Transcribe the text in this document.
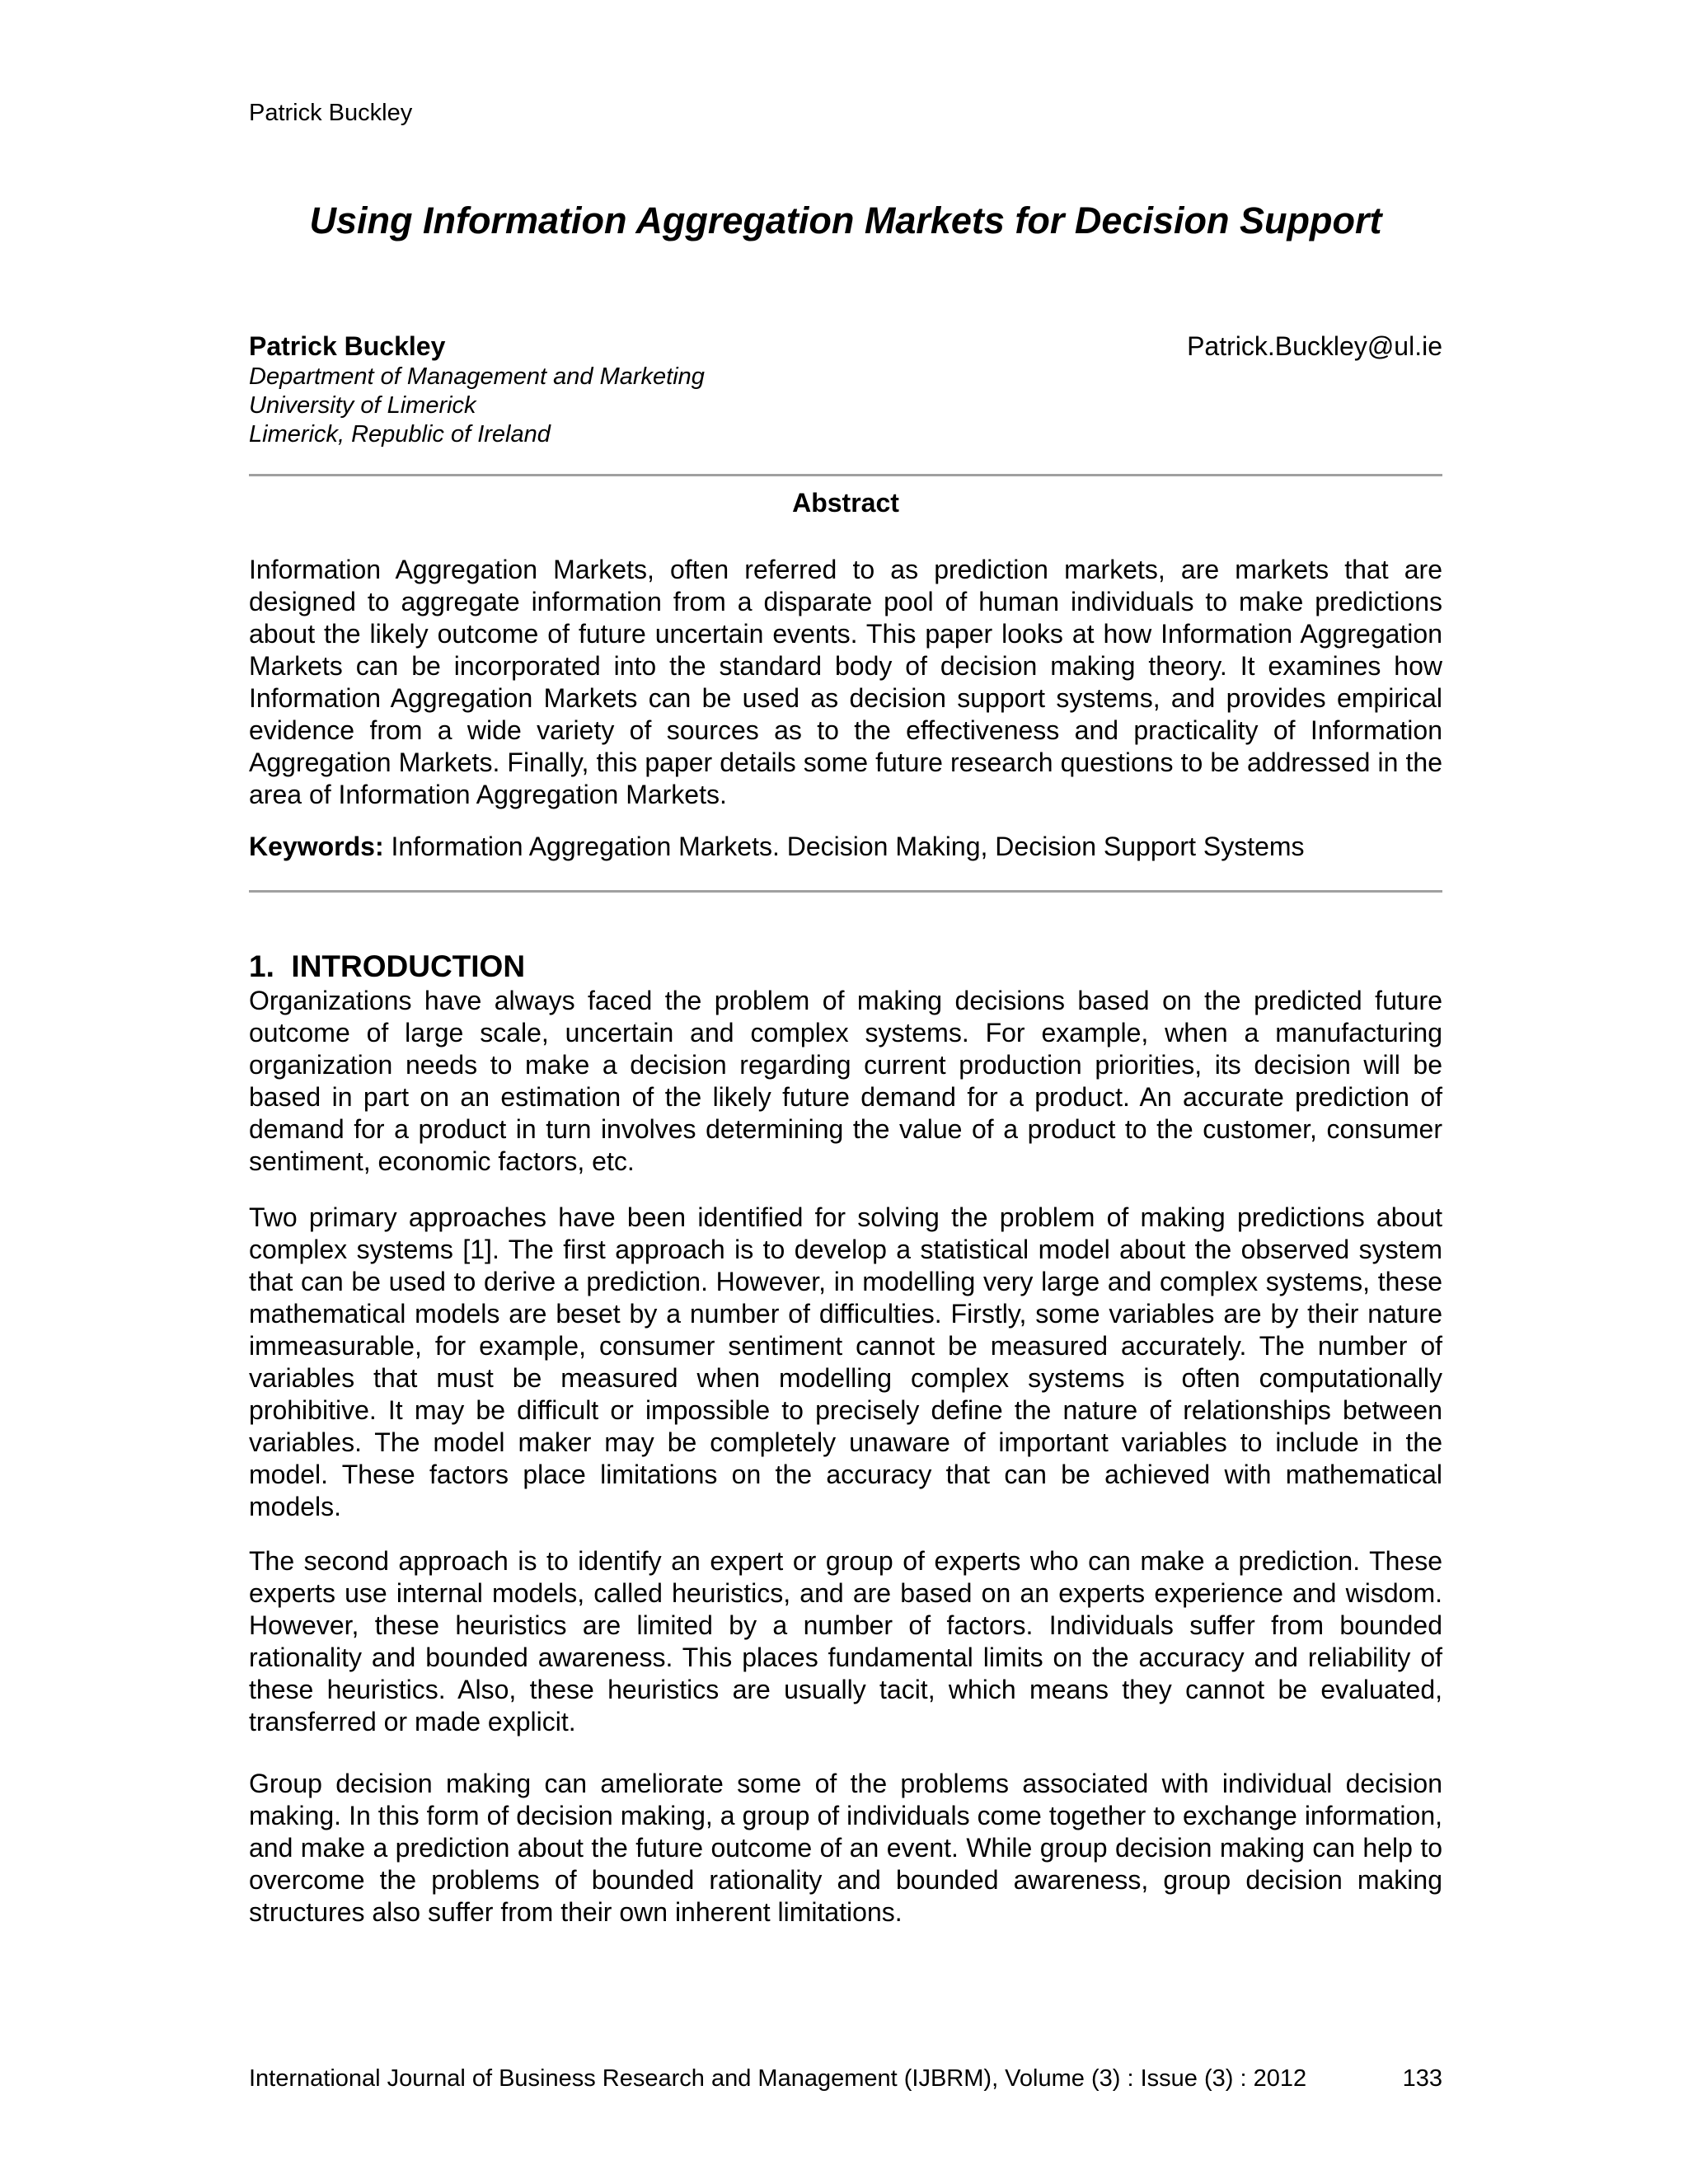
Patrick Buckley
Using Information Aggregation Markets for Decision Support
Patrick Buckley	Patrick.Buckley@ul.ie
Department of Management and Marketing
University of Limerick
Limerick, Republic of Ireland
Abstract

Information Aggregation Markets, often referred to as prediction markets, are markets that are designed to aggregate information from a disparate pool of human individuals to make predictions about the likely outcome of future uncertain events. This paper looks at how Information Aggregation Markets can be incorporated into the standard body of decision making theory. It examines how Information Aggregation Markets can be used as decision support systems, and provides empirical evidence from a wide variety of sources as to the effectiveness and practicality of Information Aggregation Markets. Finally, this paper details some future research questions to be addressed in the area of Information Aggregation Markets.

Keywords: Information Aggregation Markets. Decision Making, Decision Support Systems

1.  INTRODUCTION

Organizations have always faced the problem of making decisions based on the predicted future outcome of large scale, uncertain and complex systems. For example, when a manufacturing organization needs to make a decision regarding current production priorities, its decision will be based in part on an estimation of the likely future demand for a product. An accurate prediction of demand for a product in turn involves determining the value of a product to the customer, consumer sentiment, economic factors, etc.

Two primary approaches have been identified for solving the problem of making predictions about complex systems [1]. The first approach is to develop a statistical model about the observed system that can be used to derive a prediction. However, in modelling very large and complex systems, these mathematical models are beset by a number of difficulties. Firstly, some variables are by their nature immeasurable, for example, consumer sentiment cannot be measured accurately. The number of variables that must be measured when modelling complex systems is often computationally prohibitive. It may be difficult or impossible to precisely define the nature of relationships between variables. The model maker may be completely unaware of important variables to include in the model. These factors place limitations on the accuracy that can be achieved with mathematical models.

The second approach is to identify an expert or group of experts who can make a prediction. These experts use internal models, called heuristics, and are based on an experts experience and wisdom. However, these heuristics are limited by a number of factors. Individuals suffer from bounded rationality and bounded awareness. This places fundamental limits on the accuracy and reliability of these heuristics. Also, these heuristics are usually tacit, which means they cannot be evaluated, transferred or made explicit.

Group decision making can ameliorate some of the problems associated with individual decision making. In this form of decision making, a group of individuals come together to exchange information, and make a prediction about the future outcome of an event. While group decision making can help to overcome the problems of bounded rationality and bounded awareness, group decision making structures also suffer from their own inherent limitations.

International Journal of Business Research and Management (IJBRM), Volume (3) : Issue (3) : 2012	133
